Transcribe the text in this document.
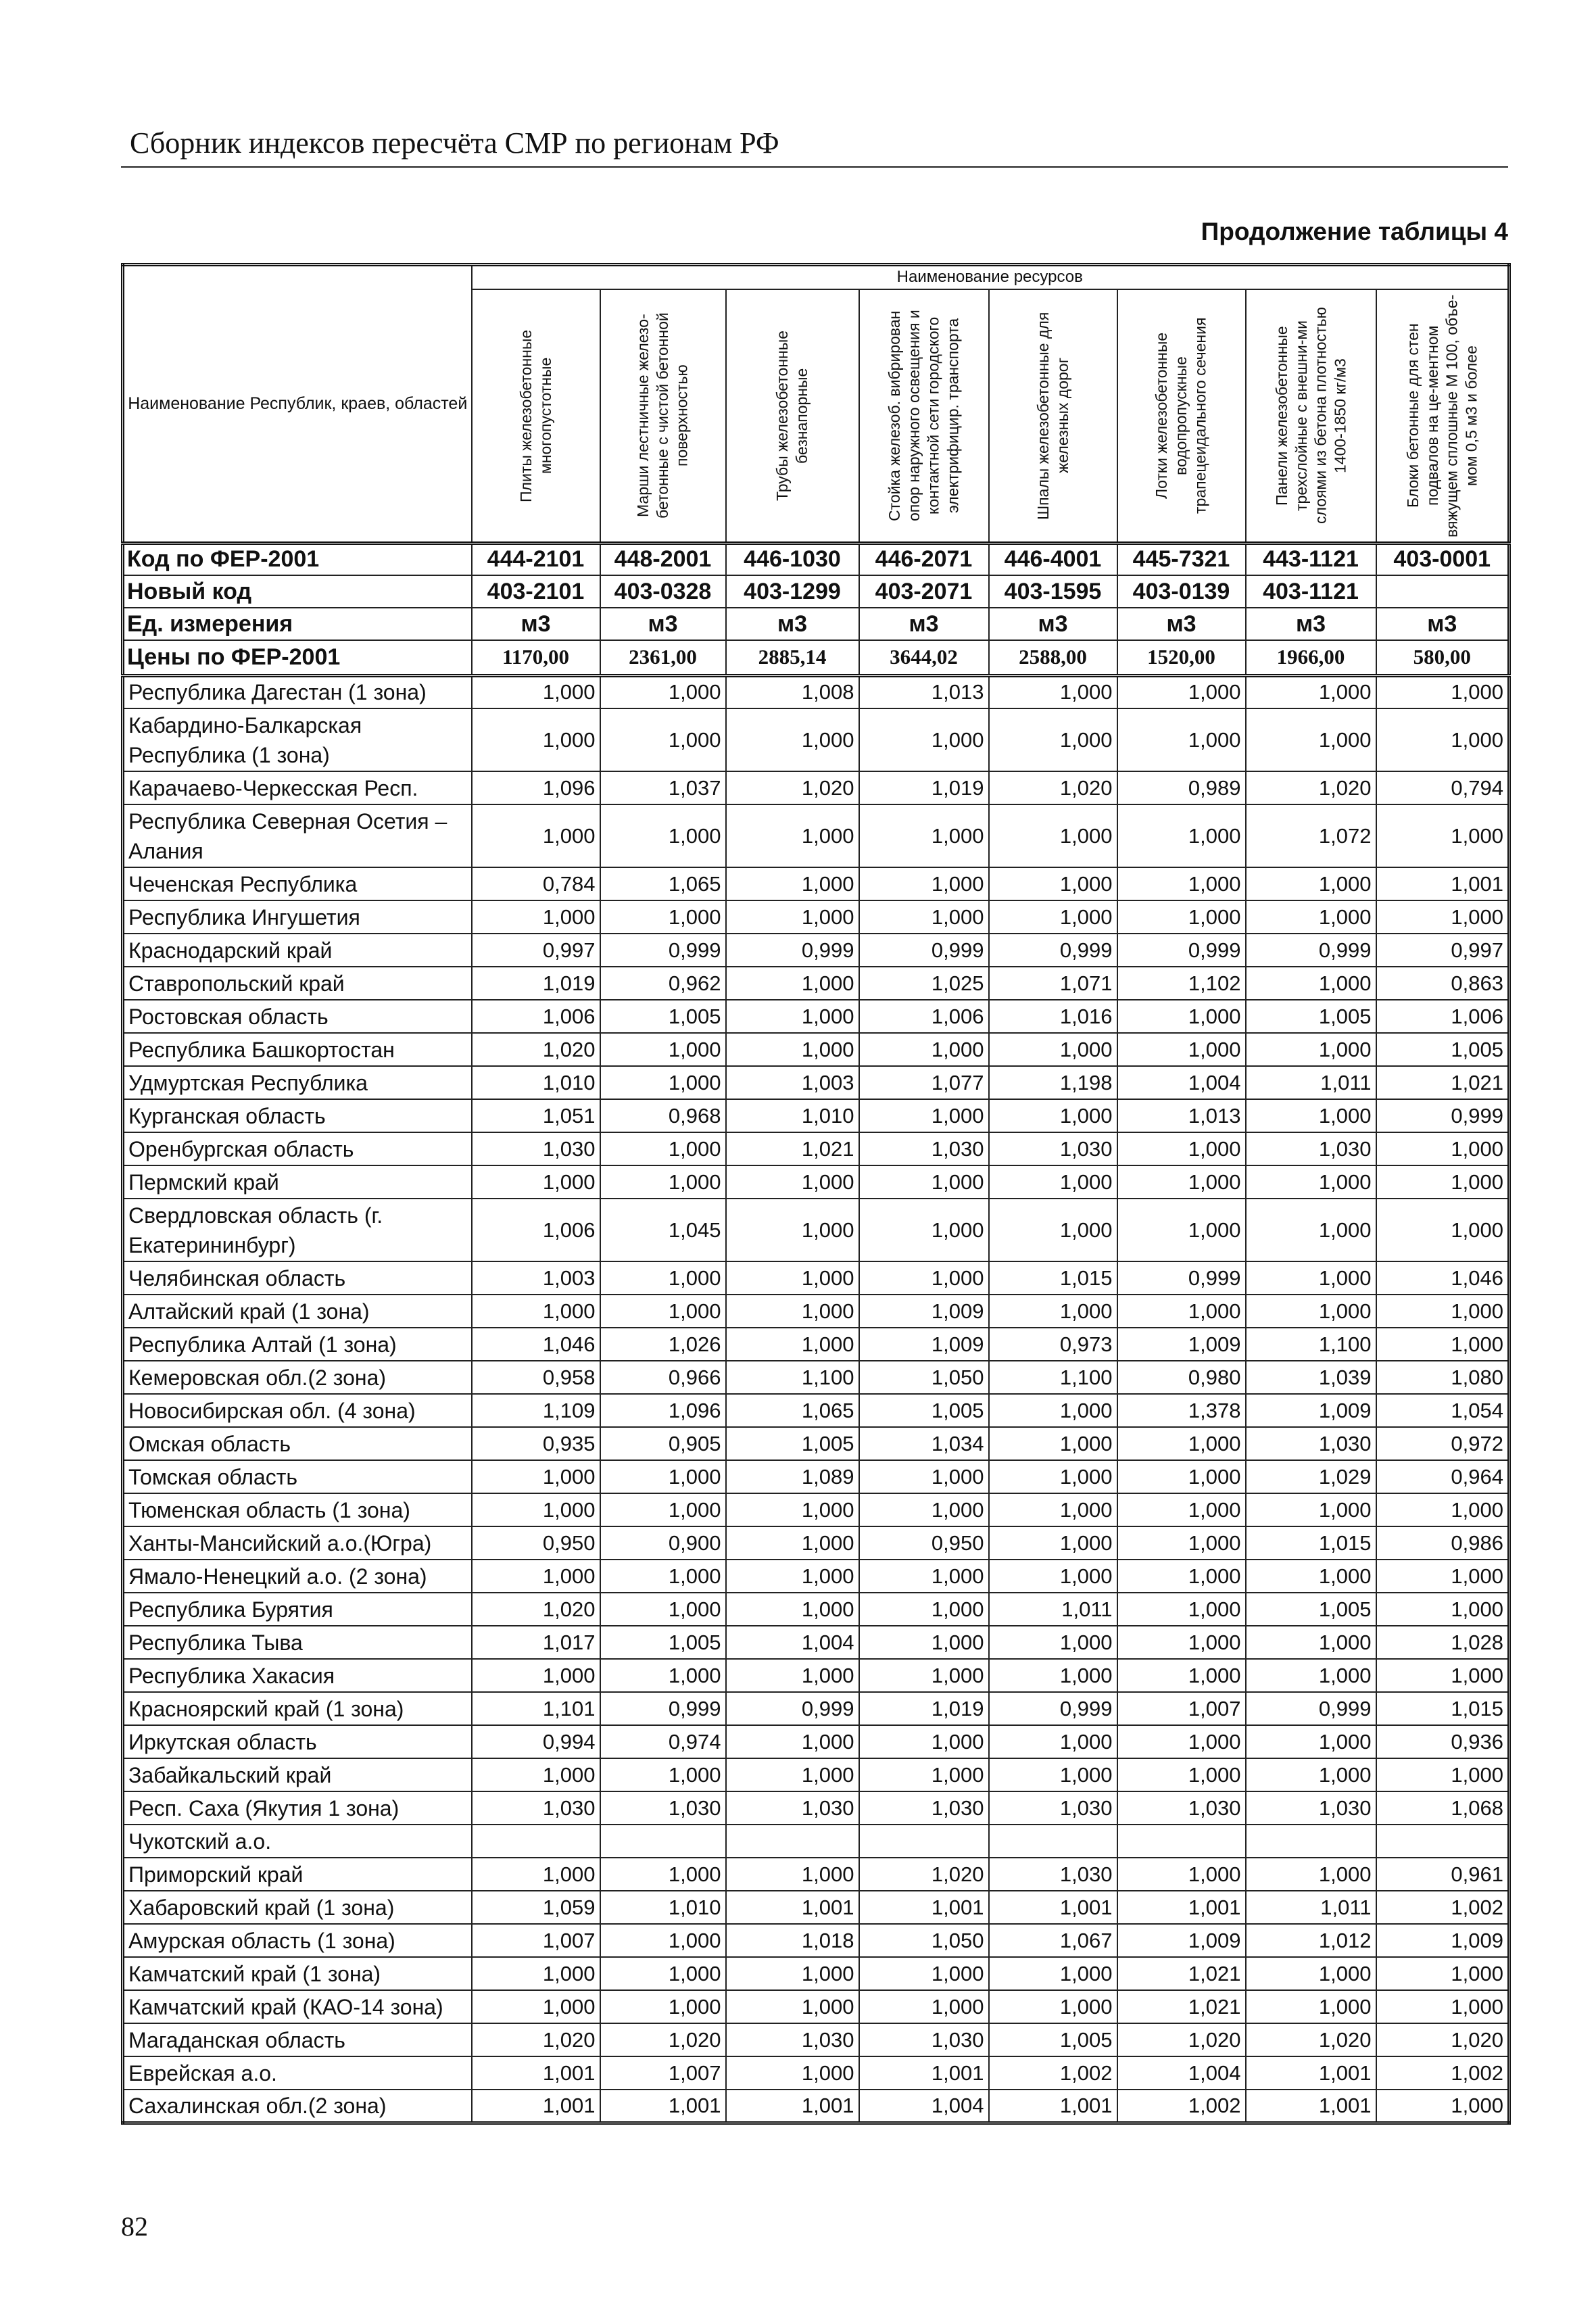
Сборник индексов пересчёта СМР по регионам РФ
Продолжение таблицы 4
Наименование Республик, краев, областей	Наименование ресурсов							

	Плиты железобетонные многопустотные	Марши лестничные железо-бетонные с чистой бетонной поверхностью	Трубы железобетонные безнапорные	Стойка железоб. вибрирован опор наружного освещения и контактной сети городского электрифицир. транспорта	Шпалы железобетонные для железных дорог	Лотки железобетонные водопропускные трапецеидального сечения	Панели железобетонные трехслойные с внешни-ми слоями из бетона плотностью 1400-1850 кг/м3	Блоки бетонные для стен подвалов на це-ментном вяжущем сплошные М 100, объе-мом 0,5 м3 и более

Код по ФЕР-2001	444-2101	448-2001	446-1030	446-2071	446-4001	445-7321	443-1121	403-0001
Новый код	403-2101	403-0328	403-1299	403-2071	403-1595	403-0139	403-1121	
Ед. измерения	м3	м3	м3	м3	м3	м3	м3	м3
Цены по ФЕР-2001	1170,00	2361,00	2885,14	3644,02	2588,00	1520,00	1966,00	580,00
Республика Дагестан (1 зона)	1,000	1,000	1,008	1,013	1,000	1,000	1,000	1,000
Кабардино-Балкарская Республика (1 зона)	1,000	1,000	1,000	1,000	1,000	1,000	1,000	1,000
Карачаево-Черкесская Респ.	1,096	1,037	1,020	1,019	1,020	0,989	1,020	0,794
Республика Северная Осетия – Алания	1,000	1,000	1,000	1,000	1,000	1,000	1,072	1,000
Чеченская Республика	0,784	1,065	1,000	1,000	1,000	1,000	1,000	1,001
Республика Ингушетия	1,000	1,000	1,000	1,000	1,000	1,000	1,000	1,000
Краснодарский край	0,997	0,999	0,999	0,999	0,999	0,999	0,999	0,997
Ставропольский край	1,019	0,962	1,000	1,025	1,071	1,102	1,000	0,863
Ростовская область	1,006	1,005	1,000	1,006	1,016	1,000	1,005	1,006
Республика Башкортостан	1,020	1,000	1,000	1,000	1,000	1,000	1,000	1,005
Удмуртская Республика	1,010	1,000	1,003	1,077	1,198	1,004	1,011	1,021
Курганская область	1,051	0,968	1,010	1,000	1,000	1,013	1,000	0,999
Оренбургская область	1,030	1,000	1,021	1,030	1,030	1,000	1,030	1,000
Пермский край	1,000	1,000	1,000	1,000	1,000	1,000	1,000	1,000
Свердловская область (г. Екатерининбург)	1,006	1,045	1,000	1,000	1,000	1,000	1,000	1,000
Челябинская область	1,003	1,000	1,000	1,000	1,015	0,999	1,000	1,046
Алтайский край (1 зона)	1,000	1,000	1,000	1,009	1,000	1,000	1,000	1,000
Республика Алтай (1 зона)	1,046	1,026	1,000	1,009	0,973	1,009	1,100	1,000
Кемеровская обл.(2 зона)	0,958	0,966	1,100	1,050	1,100	0,980	1,039	1,080
Новосибирская обл. (4 зона)	1,109	1,096	1,065	1,005	1,000	1,378	1,009	1,054
Омская область	0,935	0,905	1,005	1,034	1,000	1,000	1,030	0,972
Томская область	1,000	1,000	1,089	1,000	1,000	1,000	1,029	0,964
Тюменская область (1 зона)	1,000	1,000	1,000	1,000	1,000	1,000	1,000	1,000
Ханты-Мансийский а.о.(Югра)	0,950	0,900	1,000	0,950	1,000	1,000	1,015	0,986
Ямало-Ненецкий а.о. (2 зона)	1,000	1,000	1,000	1,000	1,000	1,000	1,000	1,000
Республика Бурятия	1,020	1,000	1,000	1,000	1,011	1,000	1,005	1,000
Республика Тыва	1,017	1,005	1,004	1,000	1,000	1,000	1,000	1,028
Республика Хакасия	1,000	1,000	1,000	1,000	1,000	1,000	1,000	1,000
Красноярский край (1 зона)	1,101	0,999	0,999	1,019	0,999	1,007	0,999	1,015
Иркутская область	0,994	0,974	1,000	1,000	1,000	1,000	1,000	0,936
Забайкальский край	1,000	1,000	1,000	1,000	1,000	1,000	1,000	1,000
Респ. Саха (Якутия 1 зона)	1,030	1,030	1,030	1,030	1,030	1,030	1,030	1,068
Чукотский а.о.								
Приморский край	1,000	1,000	1,000	1,020	1,030	1,000	1,000	0,961
Хабаровский край (1 зона)	1,059	1,010	1,001	1,001	1,001	1,001	1,011	1,002
Амурская область (1 зона)	1,007	1,000	1,018	1,050	1,067	1,009	1,012	1,009
Камчатский край (1 зона)	1,000	1,000	1,000	1,000	1,000	1,021	1,000	1,000
Камчатский край (КАО-14 зона)	1,000	1,000	1,000	1,000	1,000	1,021	1,000	1,000
Магаданская область	1,020	1,020	1,030	1,030	1,005	1,020	1,020	1,020
Еврейская а.о.	1,001	1,007	1,000	1,001	1,002	1,004	1,001	1,002
Сахалинская обл.(2 зона)	1,001	1,001	1,001	1,004	1,001	1,002	1,001	1,000
82
